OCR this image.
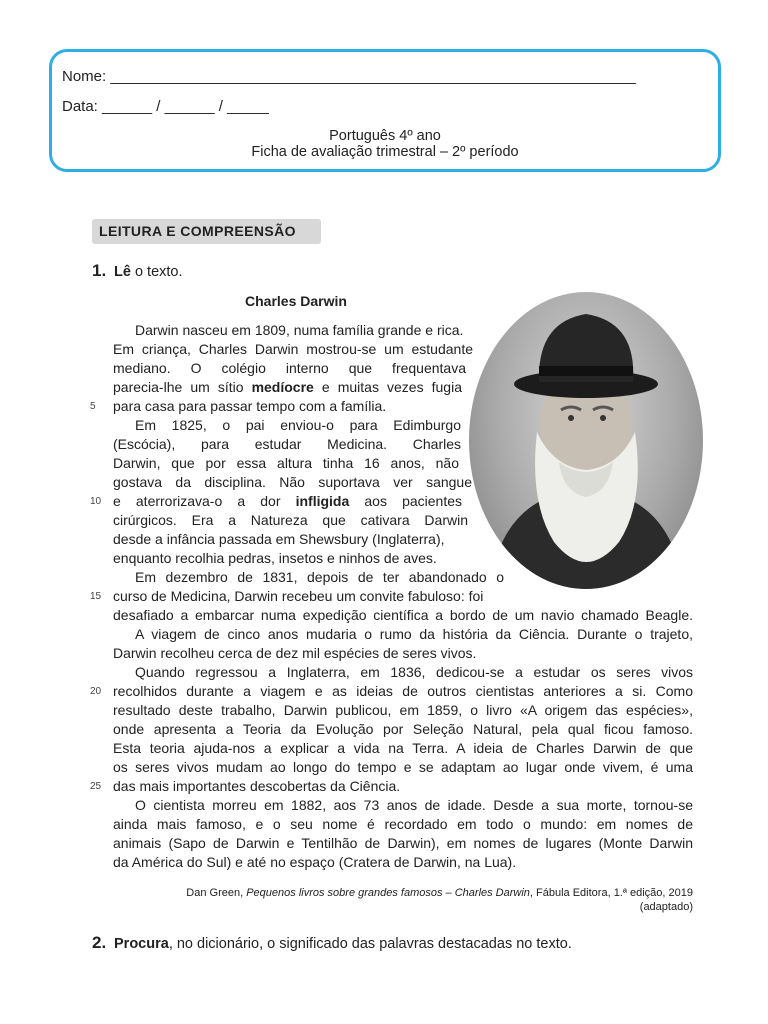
Nome: _______________________________________________________________
Data: ______ / ______ / _____
Português 4º ano
Ficha de avaliação trimestral – 2º período
LEITURA E COMPREENSÃO
1. Lê o texto.
Charles Darwin
Darwin nasceu em 1809, numa família grande e rica.
Em criança, Charles Darwin mostrou-se um estudante
mediano. O colégio interno que frequentava
parecia-lhe um sítio medíocre e muitas vezes fugia
para casa para passar tempo com a família.
Em 1825, o pai enviou-o para Edimburgo
(Escócia), para estudar Medicina. Charles
Darwin, que por essa altura tinha 16 anos, não
gostava da disciplina. Não suportava ver sangue
e aterrorizava-o a dor infligida aos pacientes
cirúrgicos. Era a Natureza que cativara Darwin
desde a infância passada em Shewsbury (Inglaterra),
enquanto recolhia pedras, insetos e ninhos de aves.
Em dezembro de 1831, depois de ter abandonado o
curso de Medicina, Darwin recebeu um convite fabuloso: foi
desafiado a embarcar numa expedição científica a bordo de um navio chamado Beagle.
A viagem de cinco anos mudaria o rumo da história da Ciência. Durante o trajeto,
Darwin recolheu cerca de dez mil espécies de seres vivos.
Quando regressou a Inglaterra, em 1836, dedicou-se a estudar os seres vivos
recolhidos durante a viagem e as ideias de outros cientistas anteriores a si. Como
resultado deste trabalho, Darwin publicou, em 1859, o livro «A origem das espécies»,
onde apresenta a Teoria da Evolução por Seleção Natural, pela qual ficou famoso.
Esta teoria ajuda-nos a explicar a vida na Terra. A ideia de Charles Darwin de que
os seres vivos mudam ao longo do tempo e se adaptam ao lugar onde vivem, é uma
das mais importantes descobertas da Ciência.
O cientista morreu em 1882, aos 73 anos de idade. Desde a sua morte, tornou-se
ainda mais famoso, e o seu nome é recordado em todo o mundo: em nomes de
animais (Sapo de Darwin e Tentilhão de Darwin), em nomes de lugares (Monte Darwin
da América do Sul) e até no espaço (Cratera de Darwin, na Lua).
5
10
15
20
25
Dan Green, Pequenos livros sobre grandes famosos – Charles Darwin, Fábula Editora, 1.ª edição, 2019
(adaptado)
2. Procura, no dicionário, o significado das palavras destacadas no texto.
